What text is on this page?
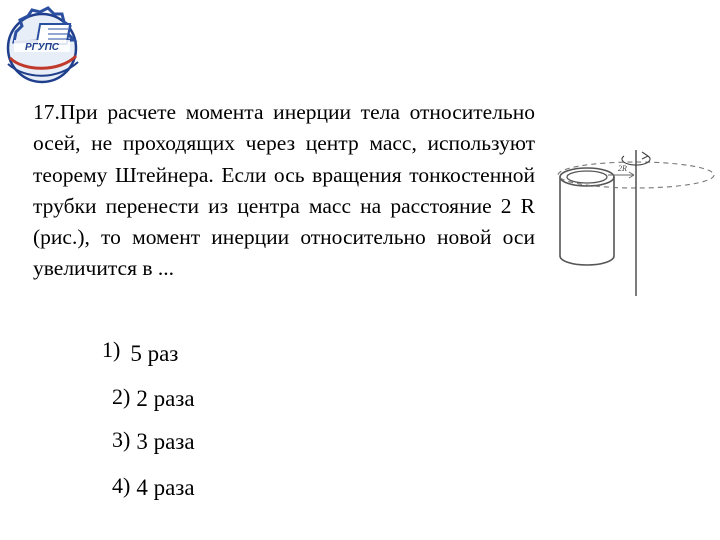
РГУПС

17.При расчете момента инерции тела относительно осей, не проходящих через центр масс, используют теорему Штейнера. Если ось вращения тонкостенной трубки перенести из центра масс на расстояние 2 R (рис.), то момент инерции относительно новой оси увеличится в ...

2R
1) 5 раз
2) 2 раза
3) 3 раза
4) 4 раза
